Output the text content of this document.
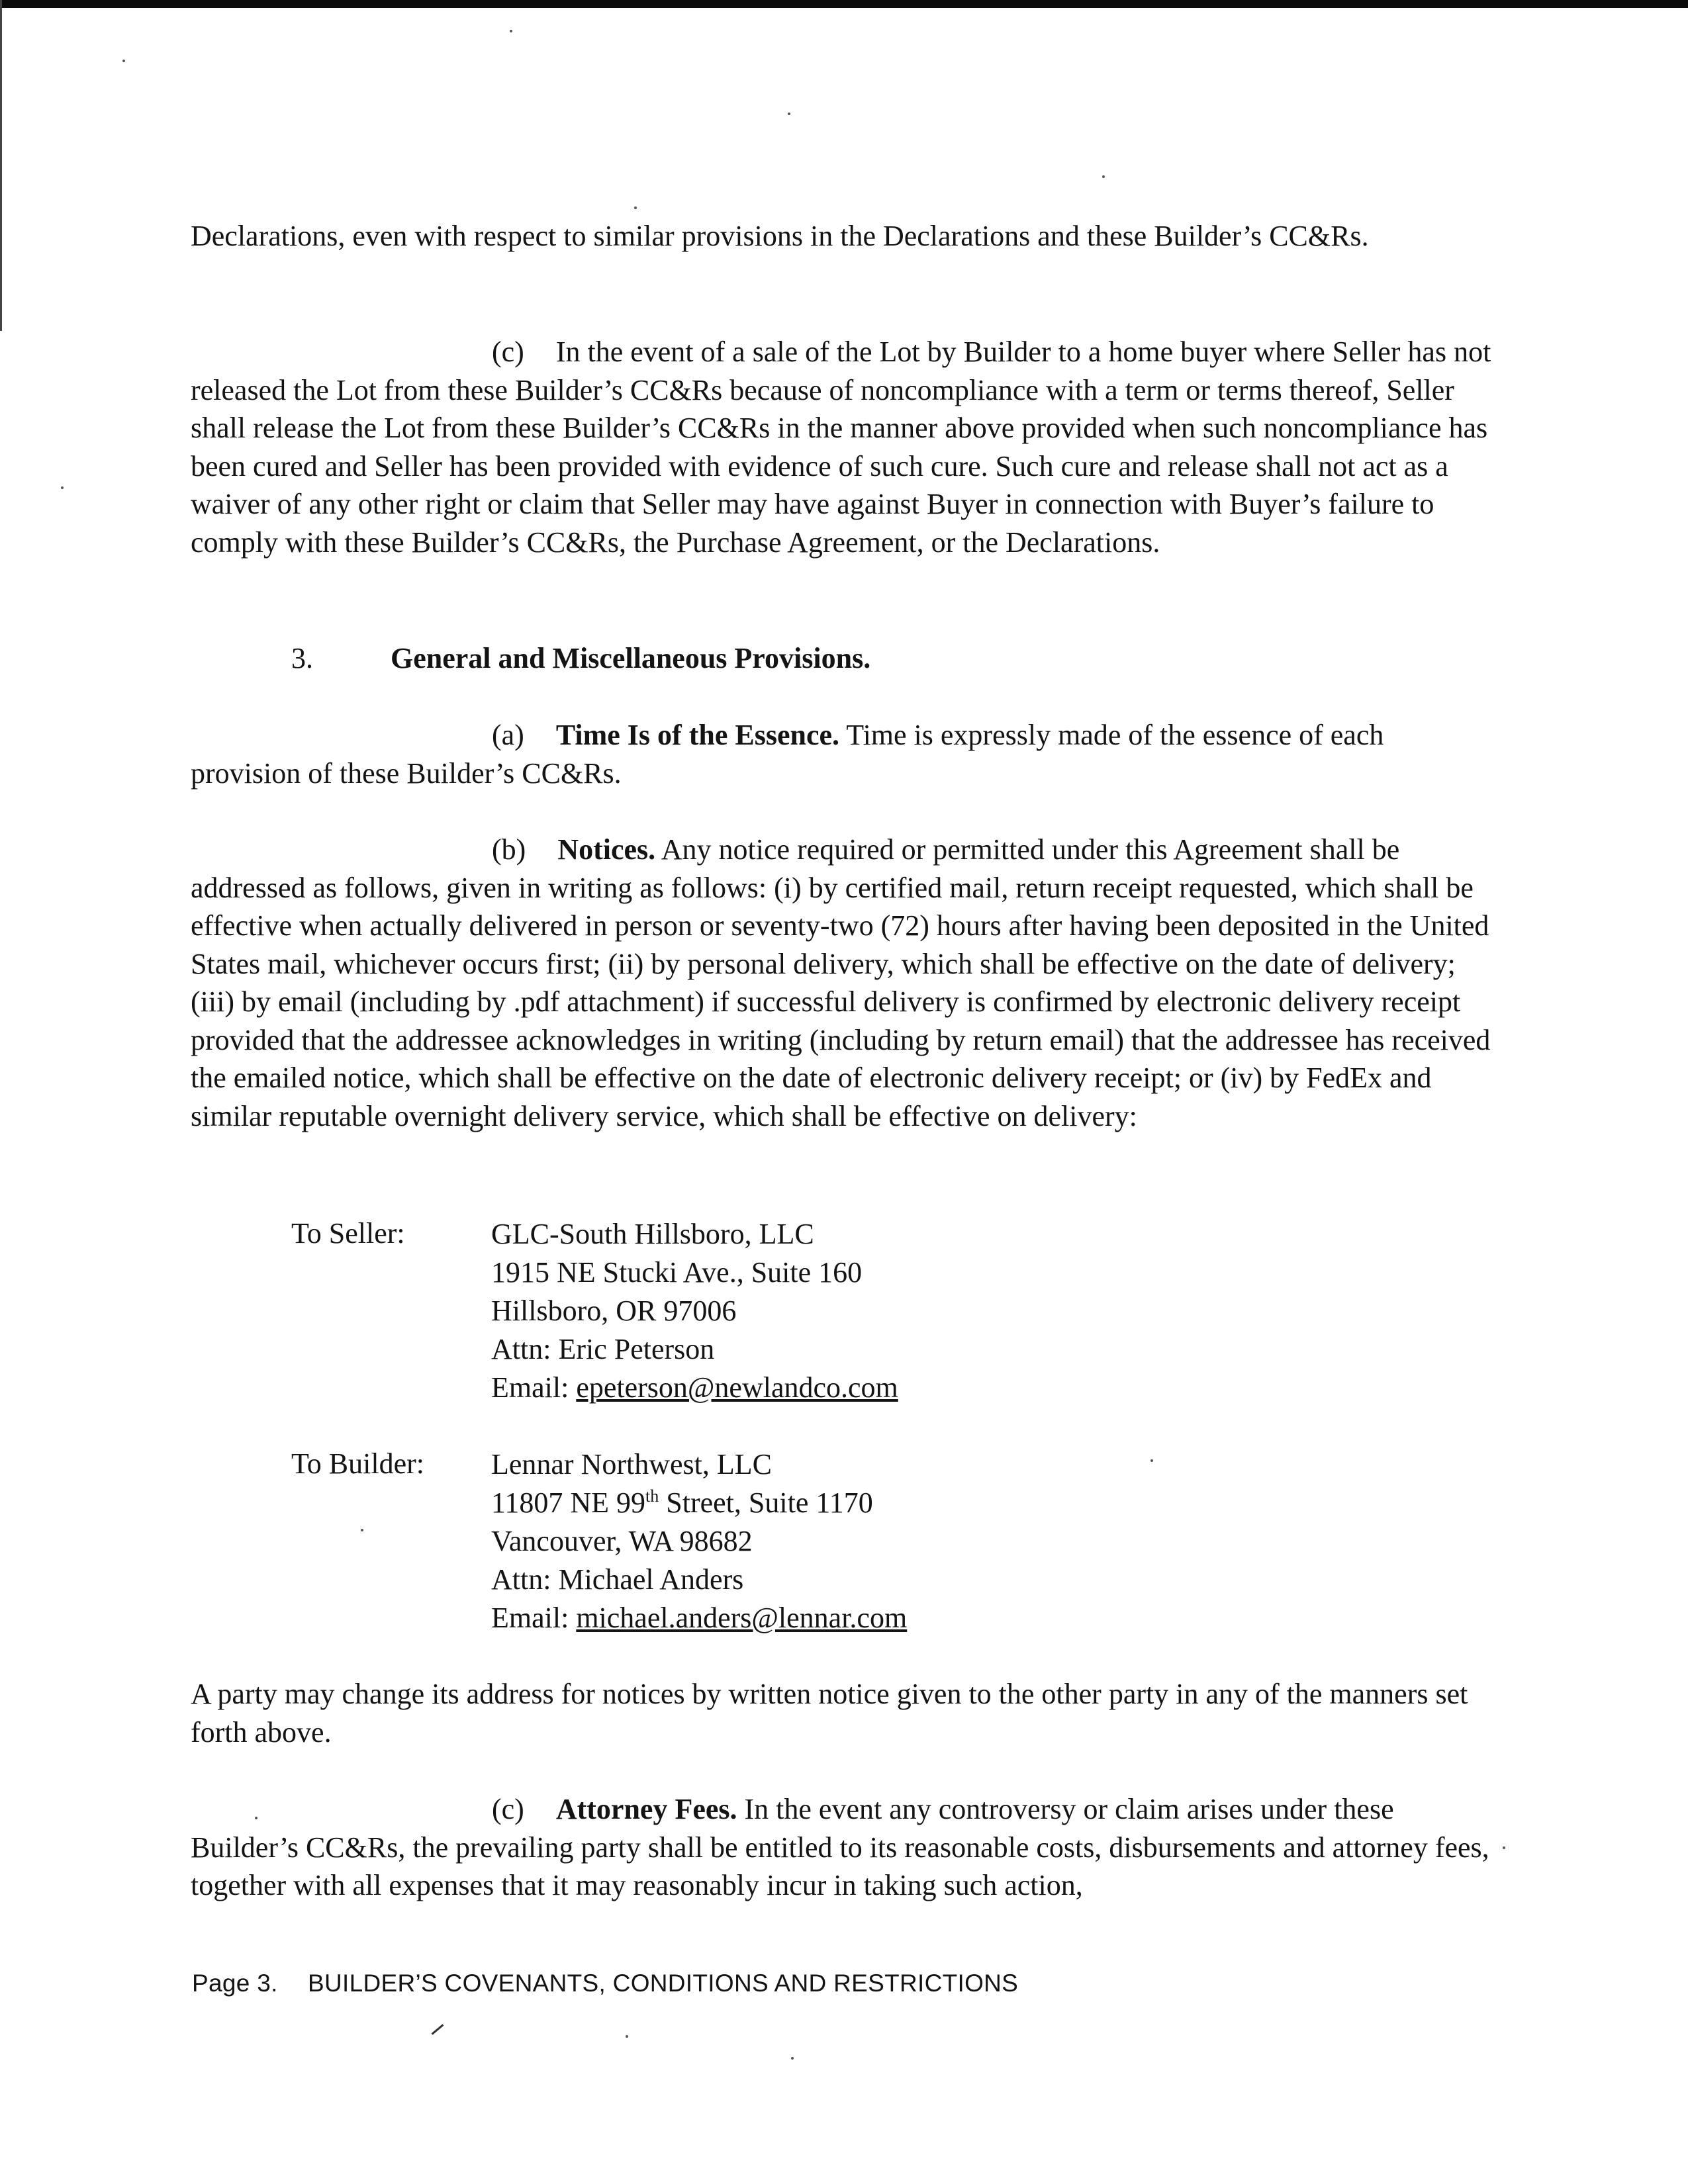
Declarations, even with respect to similar provisions in the Declarations and these Builder’s CC&Rs.

(c) In the event of a sale of the Lot by Builder to a home buyer where Seller has not released the Lot from these Builder’s CC&Rs because of noncompliance with a term or terms thereof, Seller shall release the Lot from these Builder’s CC&Rs in the manner above provided when such noncompliance has been cured and Seller has been provided with evidence of such cure. Such cure and release shall not act as a waiver of any other right or claim that Seller may have against Buyer in connection with Buyer’s failure to comply with these Builder’s CC&Rs, the Purchase Agreement, or the Declarations.

3.	General and Miscellaneous Provisions.

(a) Time Is of the Essence. Time is expressly made of the essence of each provision of these Builder’s CC&Rs.

(b) Notices. Any notice required or permitted under this Agreement shall be addressed as follows, given in writing as follows: (i) by certified mail, return receipt requested, which shall be effective when actually delivered in person or seventy-two (72) hours after having been deposited in the United States mail, whichever occurs first; (ii) by personal delivery, which shall be effective on the date of delivery; (iii) by email (including by .pdf attachment) if successful delivery is confirmed by electronic delivery receipt provided that the addressee acknowledges in writing (including by return email) that the addressee has received the emailed notice, which shall be effective on the date of electronic delivery receipt; or (iv) by FedEx and similar reputable overnight delivery service, which shall be effective on delivery:

To Seller:	GLC-South Hillsboro, LLC
1915 NE Stucki Ave., Suite 160
Hillsboro, OR 97006
Attn: Eric Peterson
Email: epeterson@newlandco.com
To Builder: Lennar Northwest, LLC
11807 NE 99th Street, Suite 1170
Vancouver, WA 98682
Attn: Michael Anders
Email: michael.anders@lennar.com

A party may change its address for notices by written notice given to the other party in any of the manners set forth above.

(c) Attorney Fees. In the event any controversy or claim arises under these Builder’s CC&Rs, the prevailing party shall be entitled to its reasonable costs, disbursements and attorney fees, together with all expenses that it may reasonably incur in taking such action,

Page 3. BUILDER’S COVENANTS, CONDITIONS AND RESTRICTIONS
